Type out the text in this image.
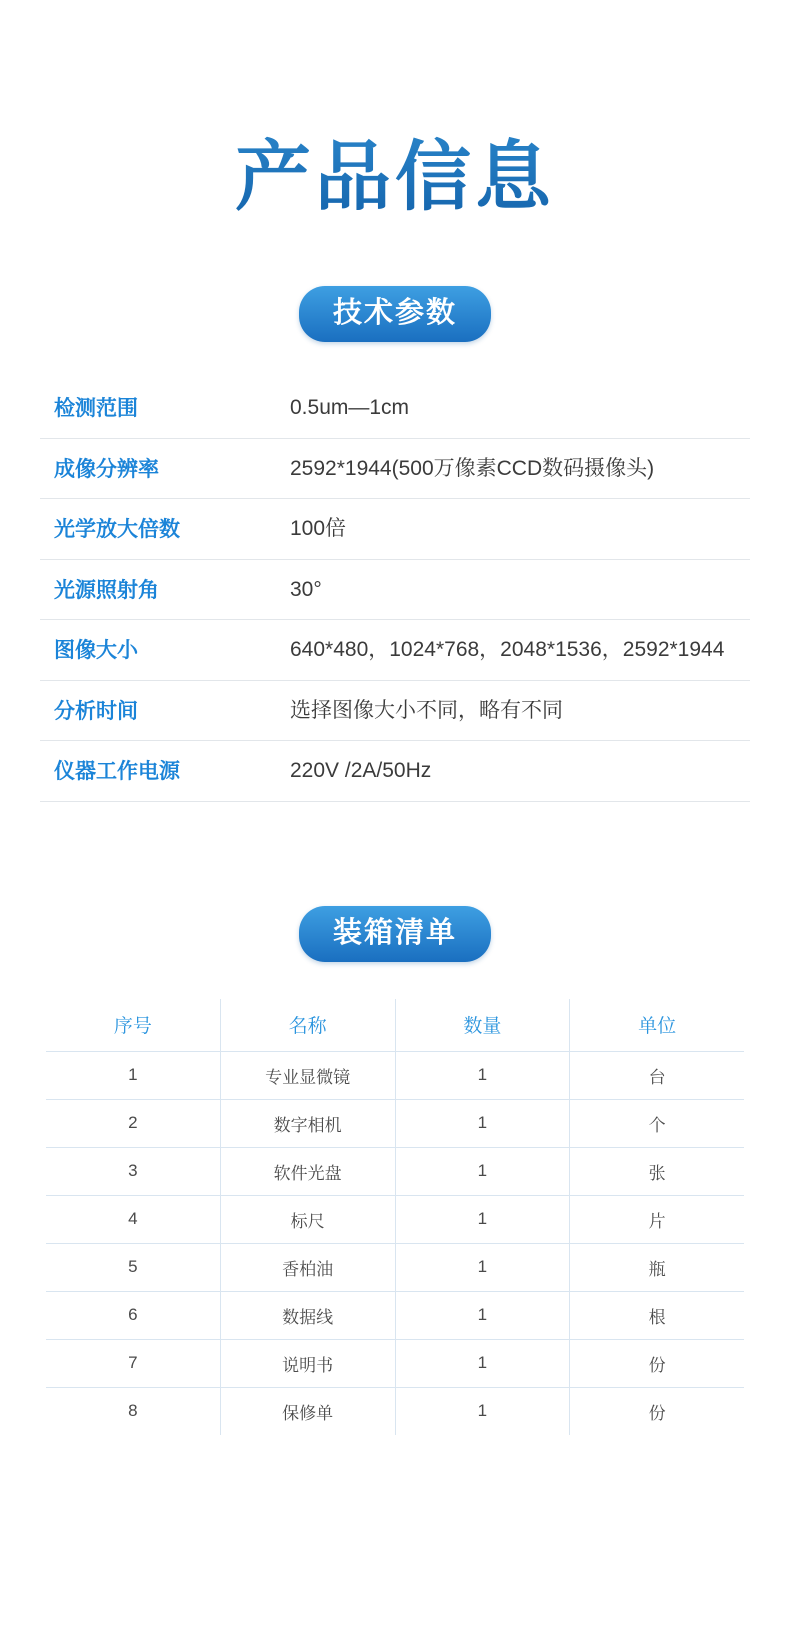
产品信息
技术参数
检测范围	0.5um—1cm
成像分辨率	2592*1944(500万像素CCD数码摄像头)
光学放大倍数	100倍
光源照射角	30°
图像大小	640*480，1024*768，2048*1536，2592*1944
分析时间	选择图像大小不同，略有不同
仪器工作电源	220V /2A/50Hz
装箱清单
序号	名称	数量	单位
1	专业显微镜	1	台
2	数字相机	1	个
3	软件光盘	1	张
4	标尺	1	片
5	香柏油	1	瓶
6	数据线	1	根
7	说明书	1	份
8	保修单	1	份
